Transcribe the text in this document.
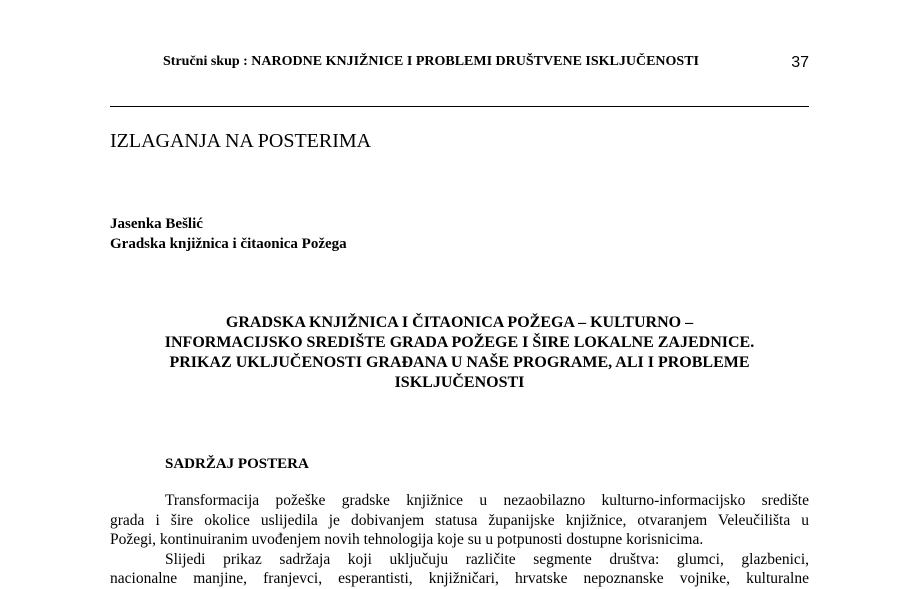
Stručni skup : NARODNE KNJIŽNICE I PROBLEMI DRUŠTVENE ISKLJUČENOSTI	37
IZLAGANJA NA POSTERIMA
Jasenka Bešlić
Gradska knjižnica i čitaonica Požega
GRADSKA KNJIŽNICA I ČITAONICA POŽEGA – KULTURNO –
INFORMACIJSKO SREDIŠTE GRADA POŽEGE I ŠIRE LOKALNE ZAJEDNICE.
PRIKAZ UKLJUČENOSTI GRAĐANA U NAŠE PROGRAME, ALI I PROBLEME
ISKLJUČENOSTI
SADRŽAJ POSTERA
Transformacija požeške gradske knjižnice u nezaobilazno kulturno-informacijsko središte
grada i šire okolice uslijedila je dobivanjem statusa županijske knjižnice, otvaranjem Veleučilišta u
Požegi, kontinuiranim uvođenjem novih tehnologija koje su u potpunosti dostupne korisnicima.
Slijedi prikaz sadržaja koji uključuju različite segmente društva: glumci, glazbenici,
nacionalne manjine, franjevci, esperantisti, knjižničari, hrvatske nepoznanske vojnike, kulturalne
